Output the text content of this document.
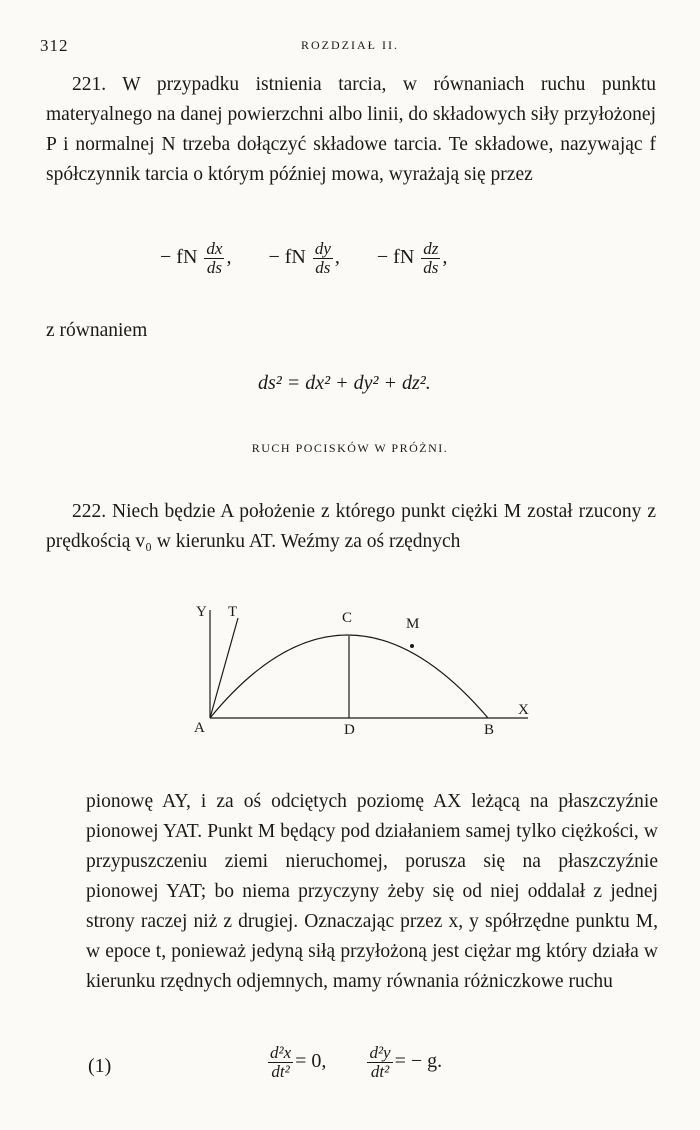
312	ROZDZIAŁ II.

221. W przypadku istnienia tarcia, w równaniach ruchu punktu materyalnego na danej powierzchni albo linii, do składowych siły przyłożonej P i normalnej N trzeba dołączyć składowe tarcia. Te składowe, nazywając f spółczynnik tarcia o którym później mowa, wyrażają się przez

− fN $\frac{dx}{ds}$ , − fN $\frac{dy}{ds}$ , − fN $\frac{dz}{ds}$ ,

z równaniem

ds² = dx² + dy² + dz².
RUCH POCISKÓW W PRÓŻNI.

222. Niech będzie A położenie z którego punkt ciężki M został rzucony z prędkością v₀ w kierunku AT. Weźmy za oś rzędnych

Y T	C	M
A	D	B
X

pionowę AY, i za oś odciętych poziomę AX leżącą na płaszczyźnie pionowej YAT. Punkt M będący pod działaniem samej tylko ciężkości, w przypuszczeniu ziemi nieruchomej, porusza się na płaszczyźnie pionowej YAT; bo niema przyczyny żeby się od niej oddalał z jednej strony raczej niż z drugiej. Oznaczając przez x, y spółrzędne punktu M, w epoce t, ponieważ jedyną siłą przyłożoną jest ciężar mg który działa w kierunku rzędnych odjemnych, mamy równania różniczkowe ruchu

(1)	$\frac{\text{d²x}}{\text{dt²}} = 0$, $\frac{\text{d²y}}{\text{dt²}}$ = − g.
